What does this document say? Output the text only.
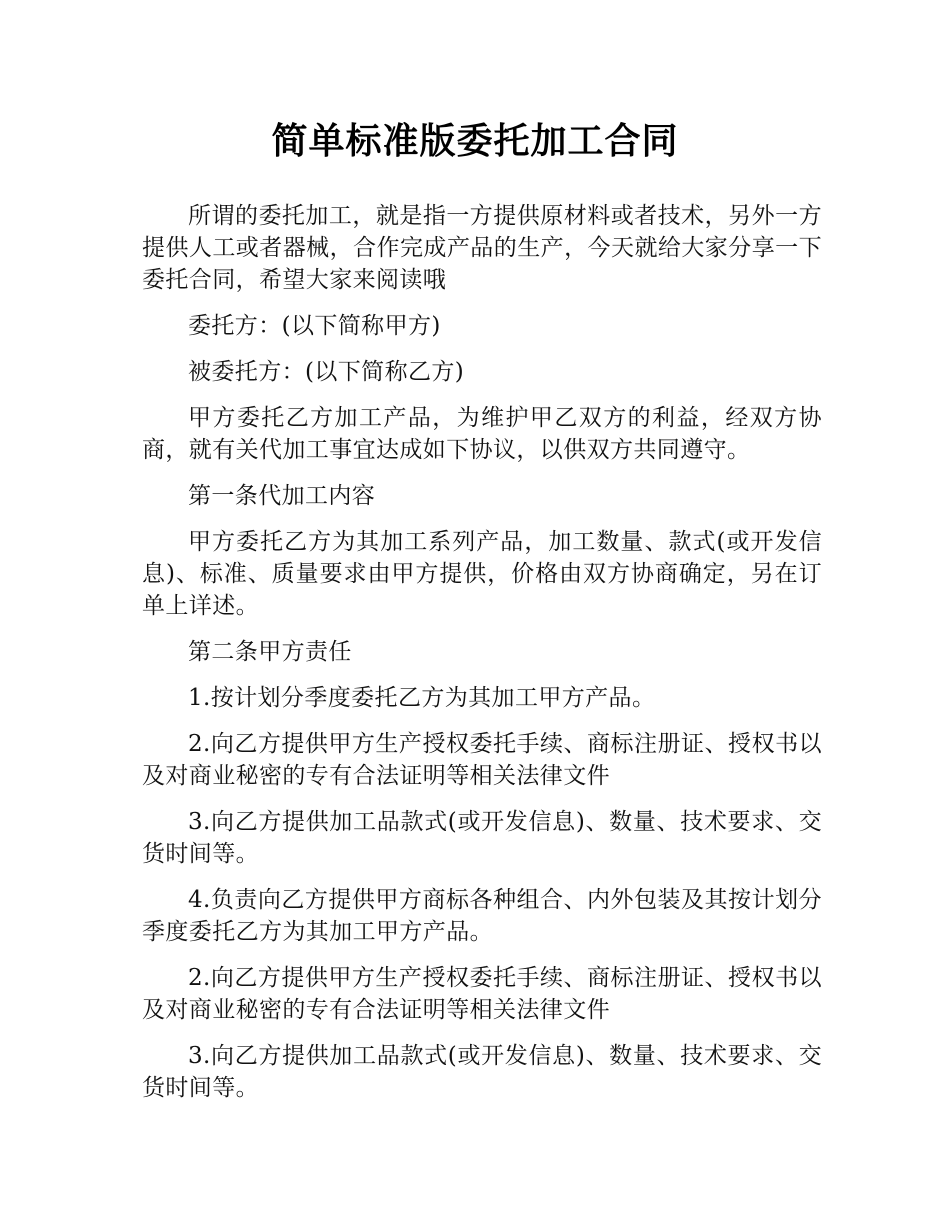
简单标准版委托加工合同

所谓的委托加工，就是指一方提供原材料或者技术，另外一方提供人工或者器械，合作完成产品的生产，今天就给大家分享一下委托合同，希望大家来阅读哦

委托方：(以下简称甲方)

被委托方：(以下简称乙方)

甲方委托乙方加工产品，为维护甲乙双方的利益，经双方协商，就有关代加工事宜达成如下协议，以供双方共同遵守。

第一条代加工内容

甲方委托乙方为其加工系列产品，加工数量、款式(或开发信息)、标准、质量要求由甲方提供，价格由双方协商确定，另在订单上详述。

第二条甲方责任

1.按计划分季度委托乙方为其加工甲方产品。

2.向乙方提供甲方生产授权委托手续、商标注册证、授权书以及对商业秘密的专有合法证明等相关法律文件

3.向乙方提供加工品款式(或开发信息)、数量、技术要求、交货时间等。

4.负责向乙方提供甲方商标各种组合、内外包装及其按计划分季度委托乙方为其加工甲方产品。

2.向乙方提供甲方生产授权委托手续、商标注册证、授权书以及对商业秘密的专有合法证明等相关法律文件

3.向乙方提供加工品款式(或开发信息)、数量、技术要求、交货时间等。
